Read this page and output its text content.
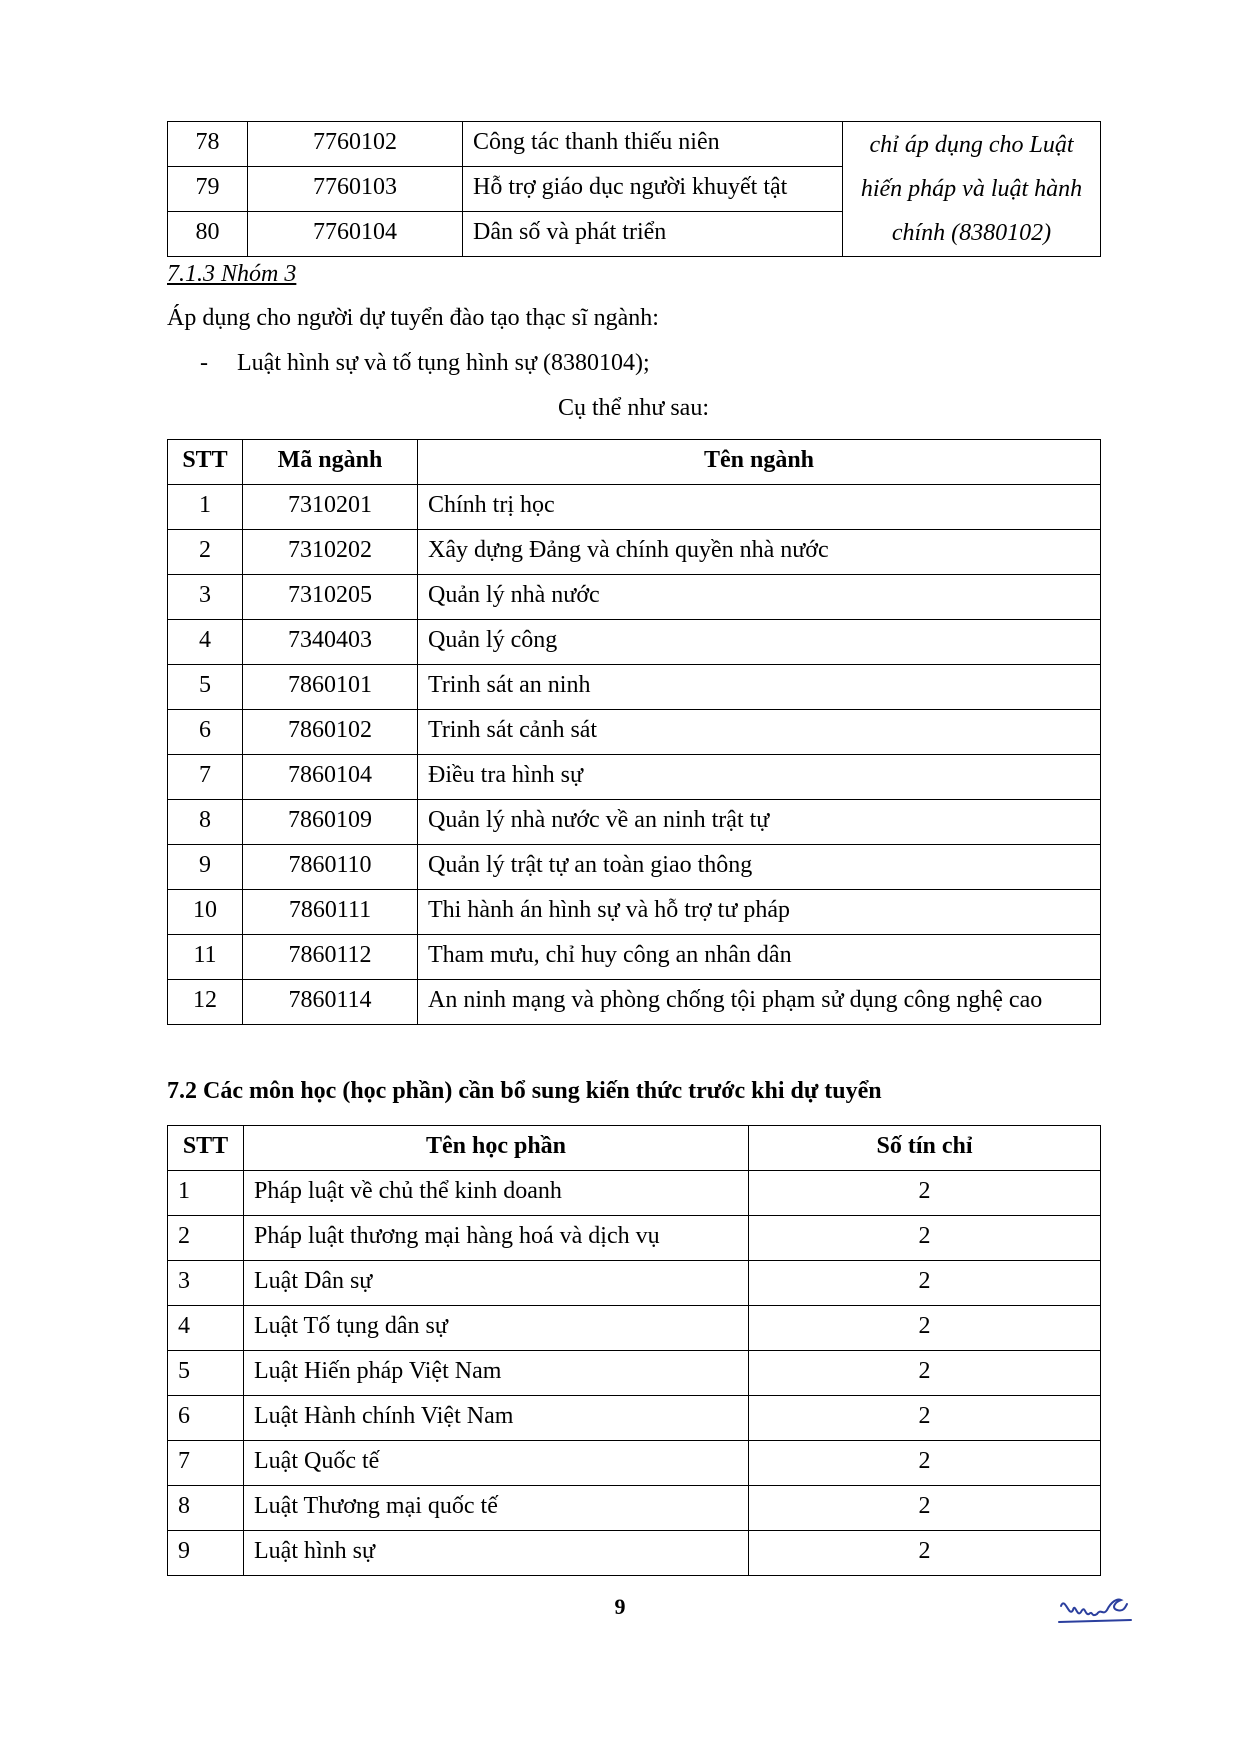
78	7760102	Công tác thanh thiếu niên	chỉ áp dụng cho Luật hiến pháp và luật hành chính (8380102)
79	7760103	Hỗ trợ giáo dục người khuyết tật	
80	7760104	Dân số và phát triển	
7.1.3 Nhóm 3
Áp dụng cho người dự tuyển đào tạo thạc sĩ ngành:
- Luật hình sự và tố tụng hình sự (8380104);
Cụ thể như sau:
STT	Mã ngành	Tên ngành
1	7310201	Chính trị học
2	7310202	Xây dựng Đảng và chính quyền nhà nước
3	7310205	Quản lý nhà nước
4	7340403	Quản lý công
5	7860101	Trinh sát an ninh
6	7860102	Trinh sát cảnh sát
7	7860104	Điều tra hình sự
8	7860109	Quản lý nhà nước về an ninh trật tự
9	7860110	Quản lý trật tự an toàn giao thông
10	7860111	Thi hành án hình sự và hỗ trợ tư pháp
11	7860112	Tham mưu, chỉ huy công an nhân dân
12	7860114	An ninh mạng và phòng chống tội phạm sử dụng công nghệ cao
7.2 Các môn học (học phần) cần bổ sung kiến thức trước khi dự tuyển
STT	Tên học phần	Số tín chỉ
1	Pháp luật về chủ thể kinh doanh	2
2	Pháp luật thương mại hàng hoá và dịch vụ	2
3	Luật Dân sự	2
4	Luật Tố tụng dân sự	2
5	Luật Hiến pháp Việt Nam	2
6	Luật Hành chính Việt Nam	2
7	Luật Quốc tế	2
8	Luật Thương mại quốc tế	2
9	Luật hình sự	2
9
